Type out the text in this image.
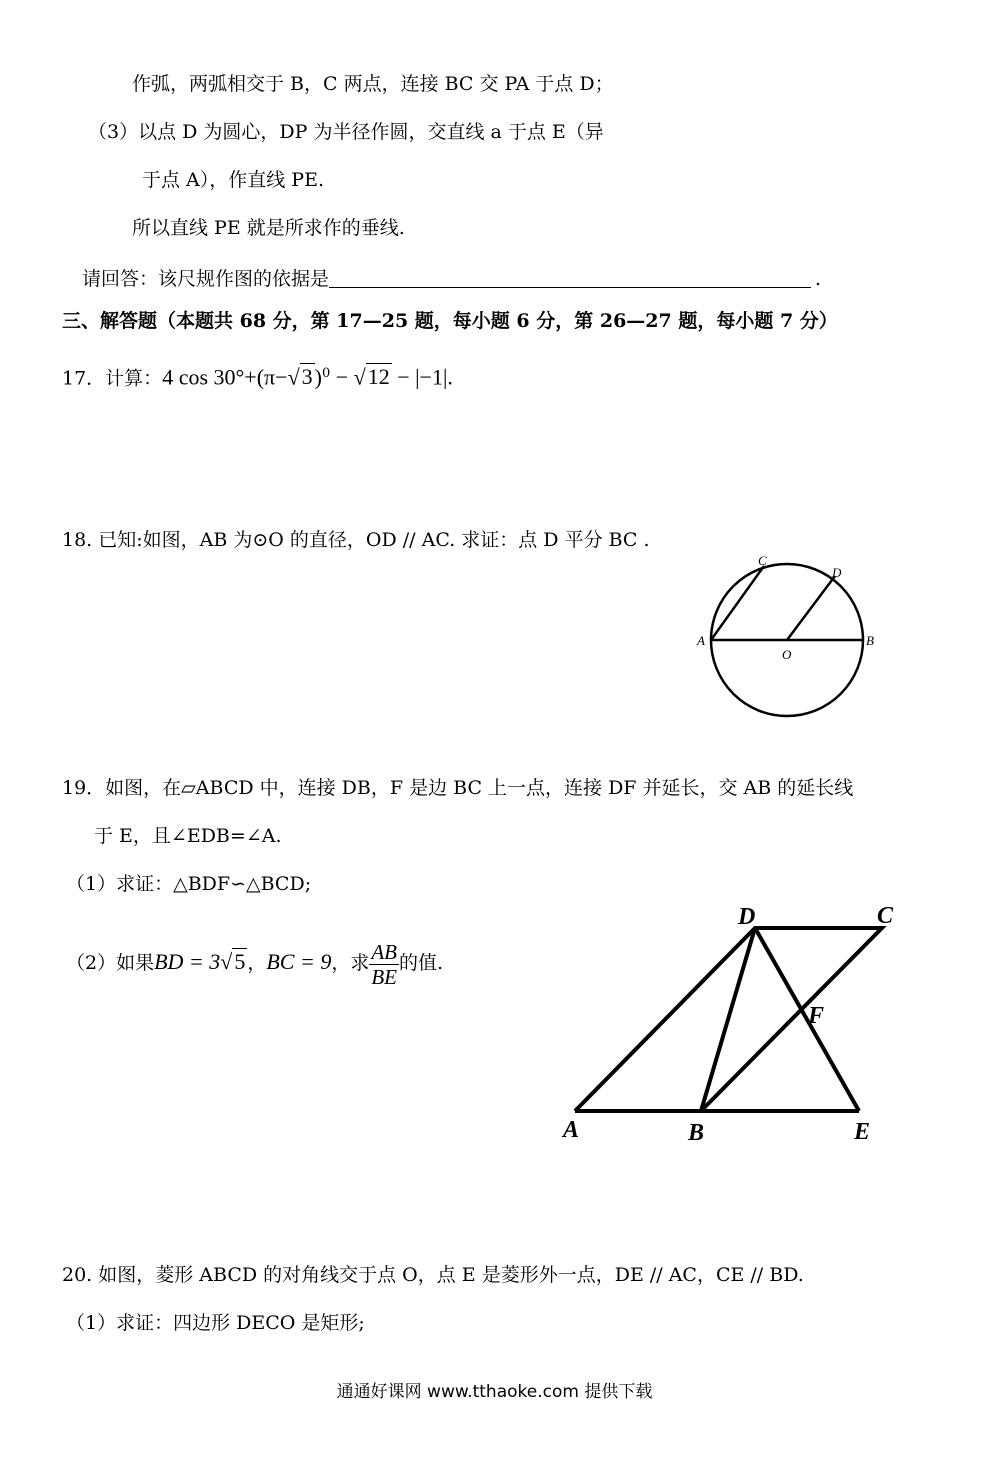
作弧，两弧相交于 B，C 两点，连接 BC 交 PA 于点 D；
（3）以点 D 为圆心，DP 为半径作圆，交直线 a 于点 E（异
于点 A），作直线 PE.
所以直线 PE 就是所求作的垂线.
请回答：该尺规作图的依据是	.
三、解答题（本题共 68 分，第 17—25 题，每小题 6 分，第 26—27 题，每小题 7 分）
17．计算：4 $\cos 30^\circ+(\pi-√3)^0 - √12 - |-1|$.
18. 已知:如图，AB 为⊙O 的直径，OD // AC. 求证：点 D 平分 BC .
A	B
C
D
O
19．如图，在▱ABCD 中，连接 DB，F 是边 BC 上一点，连接 DF 并延长，交 AB 的延长线
于 E，且∠EDB=∠A.
（1）求证：△BDF∽△BCD;
（2）如果BD = 3√5 ，BC = 9，求 $\frac{AB}{BE}$ 的值.
D	C
F
A	B	E
20. 如图，菱形 ABCD 的对角线交于点 O，点 E 是菱形外一点，DE // AC，CE // BD.
（1）求证：四边形 DECO 是矩形;
通通好课网 www.tthaoke.com 提供下载
